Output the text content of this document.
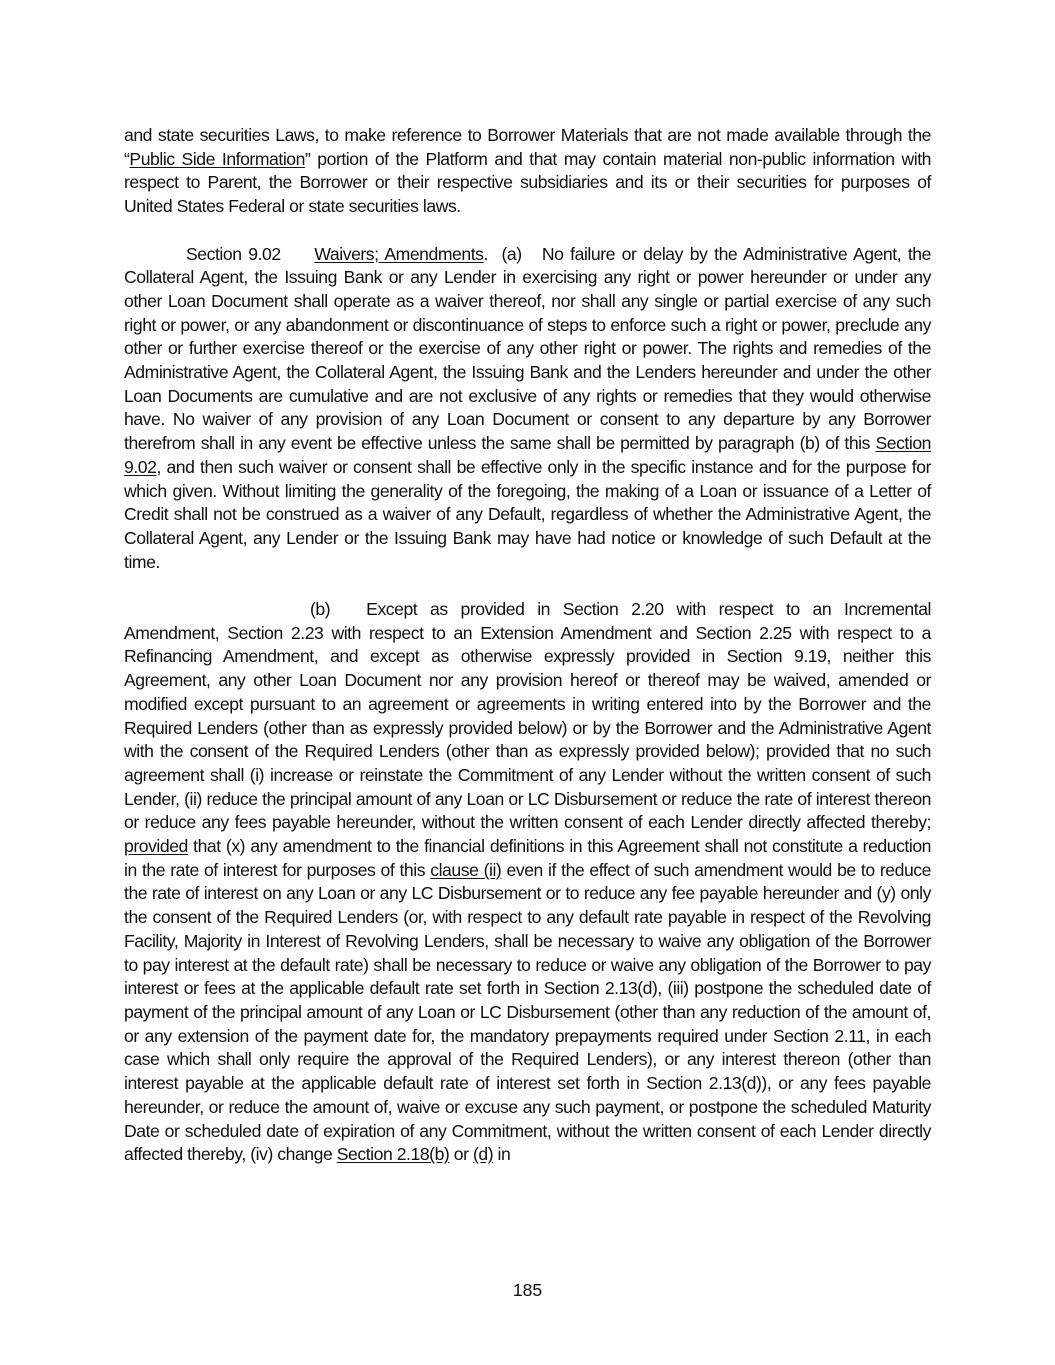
and state securities Laws, to make reference to Borrower Materials that are not made available through the “Public Side Information” portion of the Platform and that may contain material non-public information with respect to Parent, the Borrower or their respective subsidiaries and its or their securities for purposes of United States Federal or state securities laws.

Section 9.02 Waivers; Amendments. (a) No failure or delay by the Administrative Agent, the Collateral Agent, the Issuing Bank or any Lender in exercising any right or power hereunder or under any other Loan Document shall operate as a waiver thereof, nor shall any single or partial exercise of any such right or power, or any abandonment or discontinuance of steps to enforce such a right or power, preclude any other or further exercise thereof or the exercise of any other right or power. The rights and remedies of the Administrative Agent, the Collateral Agent, the Issuing Bank and the Lenders hereunder and under the other Loan Documents are cumulative and are not exclusive of any rights or remedies that they would otherwise have. No waiver of any provision of any Loan Document or consent to any departure by any Borrower therefrom shall in any event be effective unless the same shall be permitted by paragraph (b) of this Section 9.02, and then such waiver or consent shall be effective only in the specific instance and for the purpose for which given. Without limiting the generality of the foregoing, the making of a Loan or issuance of a Letter of Credit shall not be construed as a waiver of any Default, regardless of whether the Administrative Agent, the Collateral Agent, any Lender or the Issuing Bank may have had notice or knowledge of such Default at the time.

(b) Except as provided in Section 2.20 with respect to an Incremental Amendment, Section 2.23 with respect to an Extension Amendment and Section 2.25 with respect to a Refinancing Amendment, and except as otherwise expressly provided in Section 9.19, neither this Agreement, any other Loan Document nor any provision hereof or thereof may be waived, amended or modified except pursuant to an agreement or agreements in writing entered into by the Borrower and the Required Lenders (other than as expressly provided below) or by the Borrower and the Administrative Agent with the consent of the Required Lenders (other than as expressly provided below); provided that no such agreement shall (i) increase or reinstate the Commitment of any Lender without the written consent of such Lender, (ii) reduce the principal amount of any Loan or LC Disbursement or reduce the rate of interest thereon or reduce any fees payable hereunder, without the written consent of each Lender directly affected thereby; provided that (x) any amendment to the financial definitions in this Agreement shall not constitute a reduction in the rate of interest for purposes of this clause (ii) even if the effect of such amendment would be to reduce the rate of interest on any Loan or any LC Disbursement or to reduce any fee payable hereunder and (y) only the consent of the Required Lenders (or, with respect to any default rate payable in respect of the Revolving Facility, Majority in Interest of Revolving Lenders, shall be necessary to waive any obligation of the Borrower to pay interest at the default rate) shall be necessary to reduce or waive any obligation of the Borrower to pay interest or fees at the applicable default rate set forth in Section 2.13(d), (iii) postpone the scheduled date of payment of the principal amount of any Loan or LC Disbursement (other than any reduction of the amount of, or any extension of the payment date for, the mandatory prepayments required under Section 2.11, in each case which shall only require the approval of the Required Lenders), or any interest thereon (other than interest payable at the applicable default rate of interest set forth in Section 2.13(d)), or any fees payable hereunder, or reduce the amount of, waive or excuse any such payment, or postpone the scheduled Maturity Date or scheduled date of expiration of any Commitment, without the written consent of each Lender directly affected thereby, (iv) change Section 2.18(b) or (d) in

185
